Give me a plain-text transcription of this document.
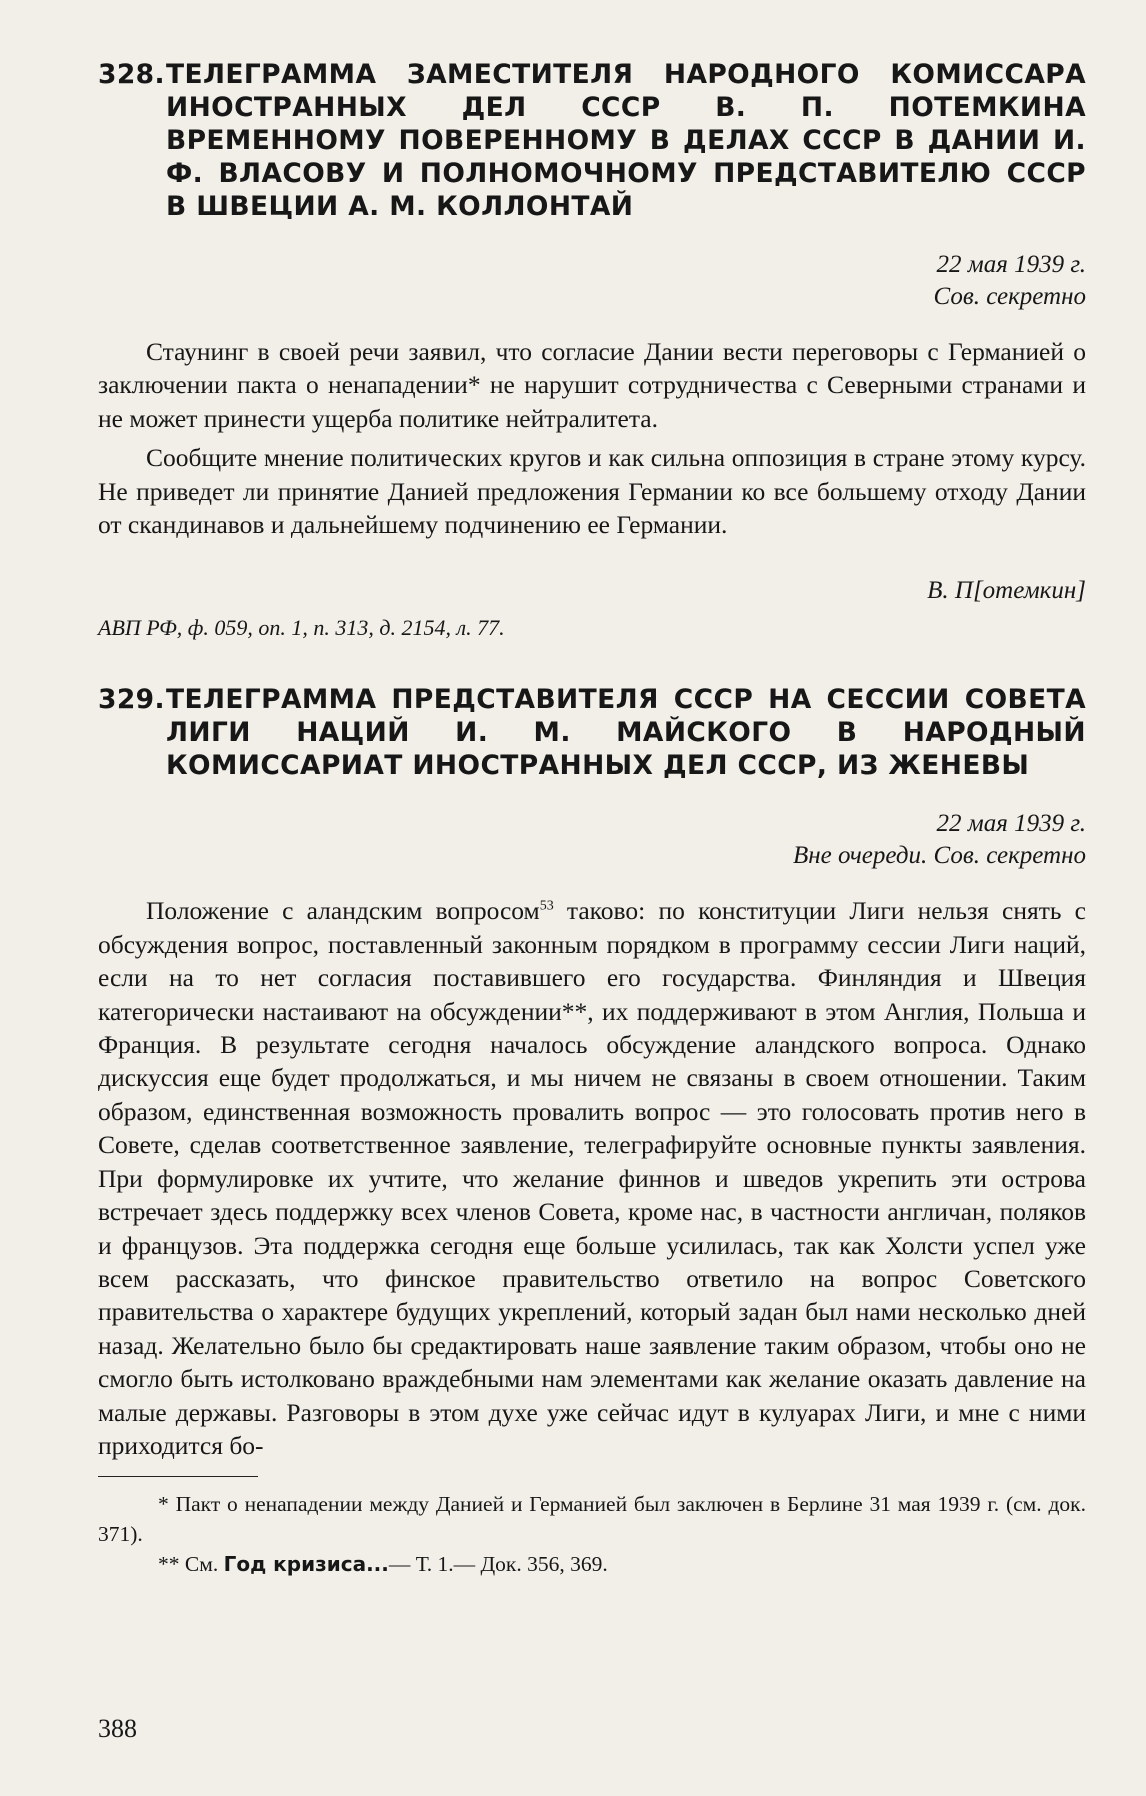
328.ТЕЛЕГРАММА ЗАМЕСТИТЕЛЯ НАРОДНОГО КОМИССАРА ИНОСТРАННЫХ ДЕЛ СССР В. П. ПОТЕМКИНА ВРЕМЕННОМУ ПОВЕРЕННОМУ В ДЕЛАХ СССР В ДАНИИ И. Ф. ВЛАСОВУ И ПОЛНОМОЧНОМУ ПРЕДСТАВИТЕЛЮ СССР В ШВЕЦИИ А. М. КОЛЛОНТАЙ

22 мая 1939 г.

Сов. секретно

Стаунинг в своей речи заявил, что согласие Дании вести переговоры с Германией о заключении пакта о ненападении* не нарушит сотрудничества с Северными странами и не может принести ущерба политике нейтралитета.

Сообщите мнение политических кругов и как сильна оппозиция в стране этому курсу. Не приведет ли принятие Данией предложения Германии ко все большему отходу Дании от скандинавов и дальнейшему подчинению ее Германии.

В. П[отемкин]

АВП РФ, ф. 059, оп. 1, п. 313, д. 2154, л. 77.

329.ТЕЛЕГРАММА ПРЕДСТАВИТЕЛЯ СССР НА СЕССИИ СОВЕТА ЛИГИ НАЦИЙ И. М. МАЙСКОГО В НАРОДНЫЙ КОМИССАРИАТ ИНОСТРАННЫХ ДЕЛ СССР, ИЗ ЖЕНЕВЫ

22 мая 1939 г.

Вне очереди. Сов. секретно

Положение с аландским вопросом$^{53}$ таково: по конституции Лиги нельзя снять с обсуждения вопрос, поставленный законным порядком в программу сессии Лиги наций, если на то нет согласия поставившего его государства. Финляндия и Швеция категорически настаивают на обсуждении**, их поддерживают в этом Англия, Польша и Франция. В результате сегодня началось обсуждение аландского вопроса. Однако дискуссия еще будет продолжаться, и мы ничем не связаны в своем отношении. Таким образом, единственная возможность провалить вопрос — это голосовать против него в Совете, сделав соответственное заявление, телеграфируйте основные пункты заявления. При формулировке их учтите, что желание финнов и шведов укрепить эти острова встречает здесь поддержку всех членов Совета, кроме нас, в частности англичан, поляков и французов. Эта поддержка сегодня еще больше усилилась, так как Холсти успел уже всем рассказать, что финское правительство ответило на вопрос Советского правительства о характере будущих укреплений, который задан был нами несколько дней назад. Желательно было бы средактировать наше заявление таким образом, чтобы оно не смогло быть истолковано враждебными нам элементами как желание оказать давление на малые державы. Разговоры в этом духе уже сейчас идут в кулуарах Лиги, и мне с ними приходится бо-

* Пакт о ненападении между Данией и Германией был заключен в Берлине 31 мая 1939 г. (см. док. 371).

** См. Год кризиса...— Т. 1.— Док. 356, 369.

388
